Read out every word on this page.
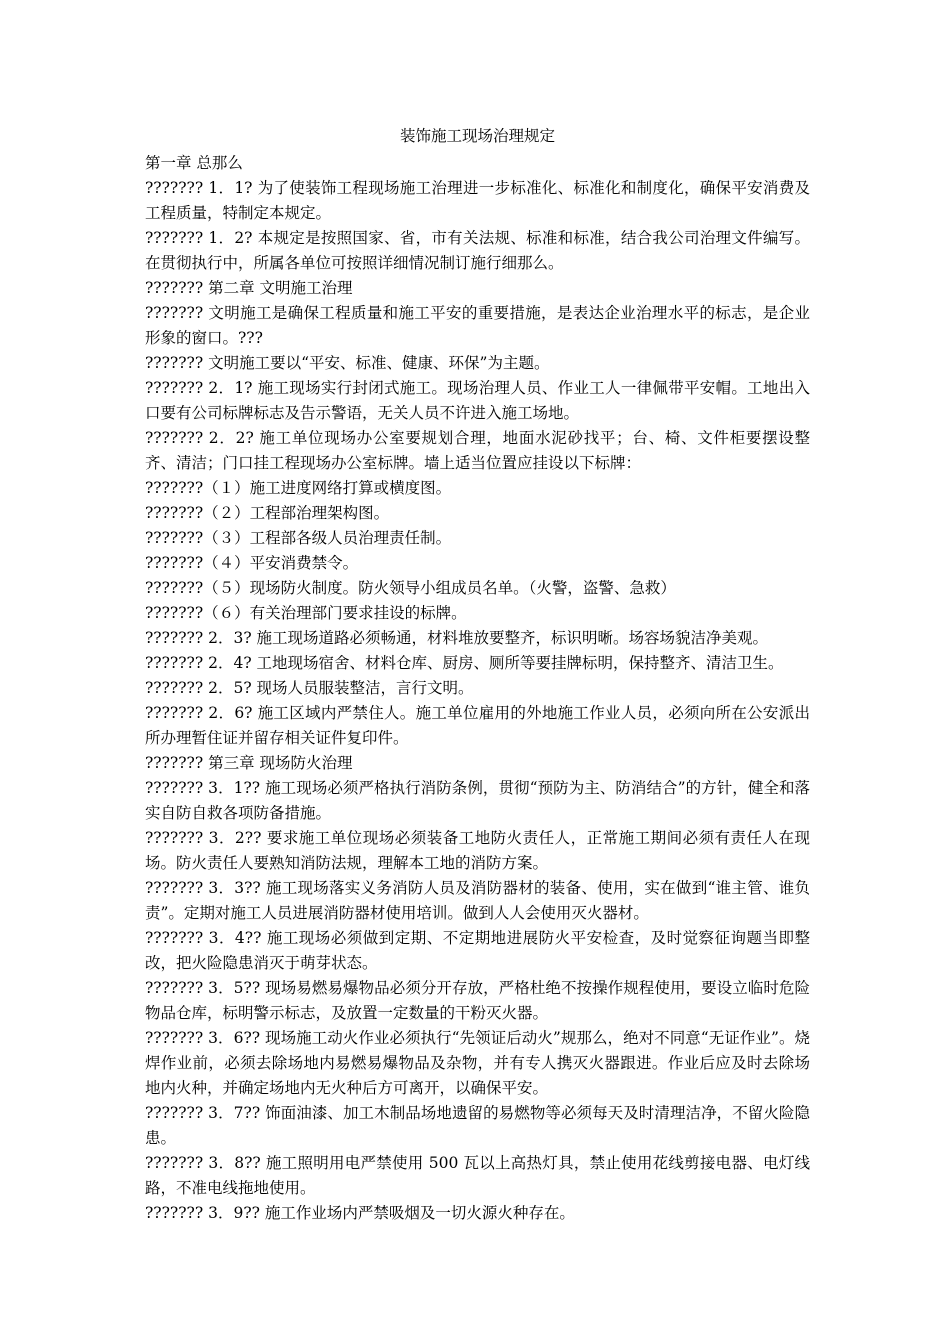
装饰施工现场治理规定

第一章 总那么

??????? 1．1? 为了使装饰工程现场施工治理进一步标准化、标准化和制度化，确保平安消费及工程质量，特制定本规定。

??????? 1．2? 本规定是按照国家、省，市有关法规、标准和标准，结合我公司治理文件编写。在贯彻执行中，所属各单位可按照详细情况制订施行细那么。

??????? 第二章 文明施工治理

??????? 文明施工是确保工程质量和施工平安的重要措施，是表达企业治理水平的标志，是企业形象的窗口。???

??????? 文明施工要以“平安、标准、健康、环保”为主题。

??????? 2．1? 施工现场实行封闭式施工。现场治理人员、作业工人一律佩带平安帽。工地出入口要有公司标牌标志及告示警语，无关人员不许进入施工场地。

??????? 2．2? 施工单位现场办公室要规划合理，地面水泥砂找平；台、椅、文件柜要摆设整齐、清洁；门口挂工程现场办公室标牌。墙上适当位置应挂设以下标牌：

???????（１）施工进度网络打算或横度图。

???????（２）工程部治理架构图。

???????（３）工程部各级人员治理责任制。

???????（４）平安消费禁令。

???????（５）现场防火制度。防火领导小组成员名单。（火警，盗警、急救）

???????（６）有关治理部门要求挂设的标牌。

??????? 2．3? 施工现场道路必须畅通，材料堆放要整齐，标识明晰。场容场貌洁净美观。

??????? 2．4? 工地现场宿舍、材料仓库、厨房、厕所等要挂牌标明，保持整齐、清洁卫生。

??????? 2．5? 现场人员服装整洁，言行文明。

??????? 2．6? 施工区域内严禁住人。施工单位雇用的外地施工作业人员，必须向所在公安派出所办理暂住证并留存相关证件复印件。

??????? 第三章 现场防火治理

??????? 3．1?? 施工现场必须严格执行消防条例，贯彻“预防为主、防消结合”的方针，健全和落实自防自救各项防备措施。

??????? 3．2?? 要求施工单位现场必须装备工地防火责任人，正常施工期间必须有责任人在现场。防火责任人要熟知消防法规，理解本工地的消防方案。

??????? 3．3?? 施工现场落实义务消防人员及消防器材的装备、使用，实在做到“谁主管、谁负责”。定期对施工人员进展消防器材使用培训。做到人人会使用灭火器材。

??????? 3．4?? 施工现场必须做到定期、不定期地进展防火平安检查，及时觉察征询题当即整改，把火险隐患消灭于萌芽状态。

??????? 3．5?? 现场易燃易爆物品必须分开存放，严格杜绝不按操作规程使用，要设立临时危险物品仓库，标明警示标志，及放置一定数量的干粉灭火器。

??????? 3．6?? 现场施工动火作业必须执行“先领证后动火”规那么，绝对不同意“无证作业”。烧焊作业前，必须去除场地内易燃易爆物品及杂物，并有专人携灭火器跟进。作业后应及时去除场地内火种，并确定场地内无火种后方可离开，以确保平安。

??????? 3．7?? 饰面油漆、加工木制品场地遗留的易燃物等必须每天及时清理洁净，不留火险隐患。

??????? 3．8?? 施工照明用电严禁使用 500 瓦以上高热灯具，禁止使用花线剪接电器、电灯线路，不准电线拖地使用。

??????? 3．9?? 施工作业场内严禁吸烟及一切火源火种存在。
